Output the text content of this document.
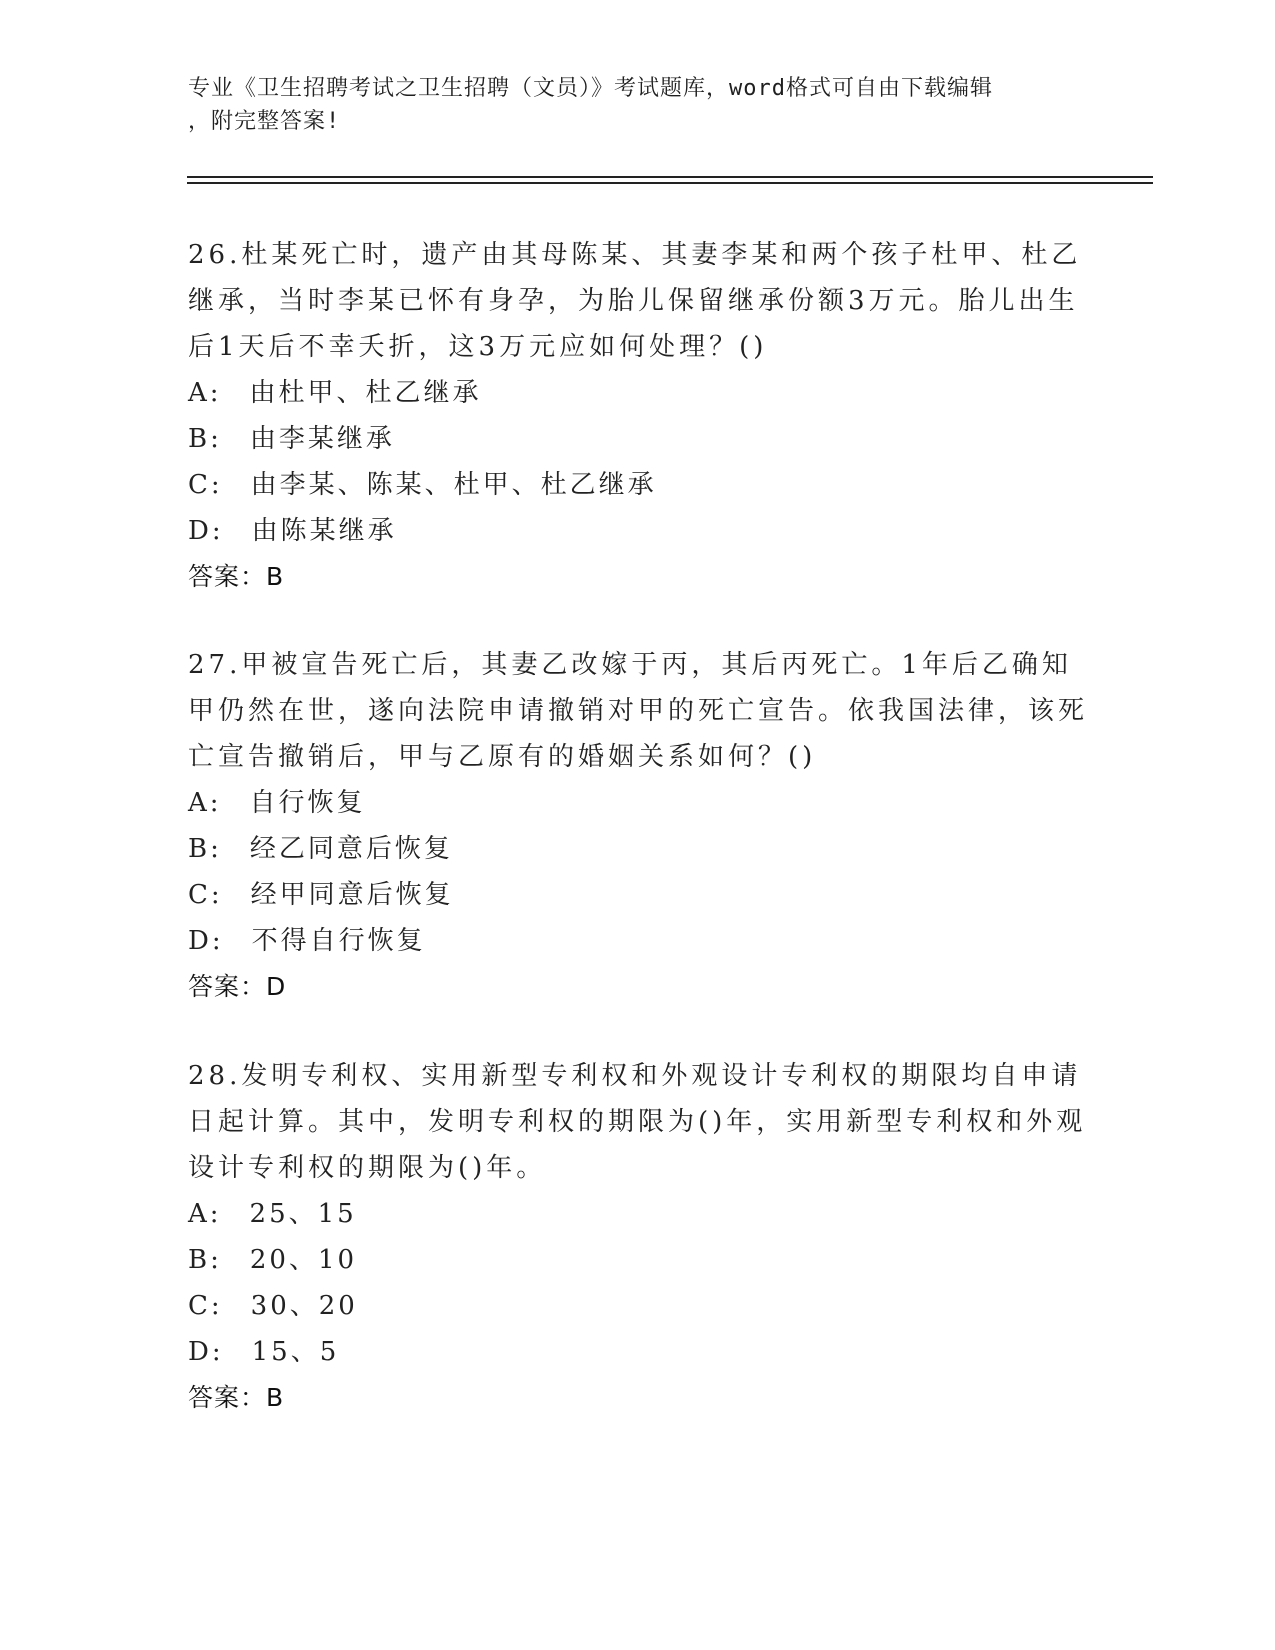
专业《卫生招聘考试之卫生招聘（文员）》考试题库，word格式可自由下载编辑
，附完整答案!

26.杜某死亡时，遗产由其母陈某、其妻李某和两个孩子杜甲、杜乙继承，当时李某已怀有身孕，为胎儿保留继承份额3万元。胎儿出生后1天后不幸夭折，这3万元应如何处理？()

A: 由杜甲、杜乙继承
B: 由李某继承
C: 由李某、陈某、杜甲、杜乙继承
D: 由陈某继承

答案：B

27.甲被宣告死亡后，其妻乙改嫁于丙，其后丙死亡。1年后乙确知甲仍然在世，遂向法院申请撤销对甲的死亡宣告。依我国法律，该死亡宣告撤销后，甲与乙原有的婚姻关系如何？()

A: 自行恢复
B: 经乙同意后恢复
C: 经甲同意后恢复
D: 不得自行恢复

答案：D

28.发明专利权、实用新型专利权和外观设计专利权的期限均自申请日起计算。其中，发明专利权的期限为()年，实用新型专利权和外观设计专利权的期限为()年。

A: 25、15
B: 20、10
C: 30、20
D: 15、5

答案：B
